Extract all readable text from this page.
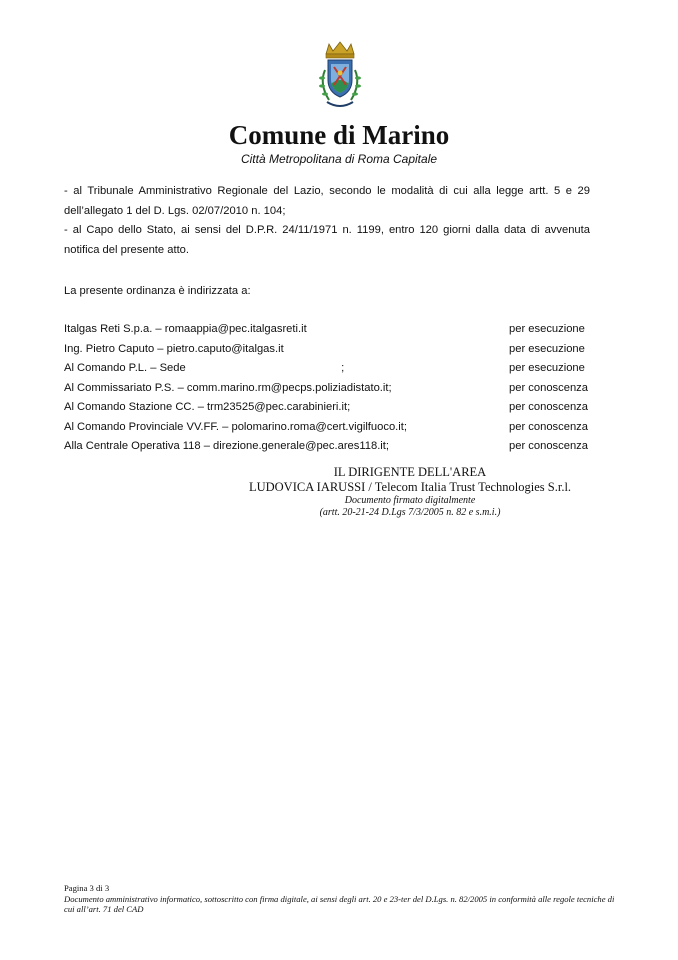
Comune di Marino
Città Metropolitana di Roma Capitale
- al Tribunale Amministrativo Regionale del Lazio, secondo le modalità di cui alla legge artt. 5 e 29 dell’allegato 1 del D. Lgs. 02/07/2010 n. 104;
- al Capo dello Stato, ai sensi del D.P.R. 24/11/1971 n. 1199, entro 120 giorni dalla data di avvenuta notifica del presente atto.
La presente ordinanza è indirizzata a:
Italgas Reti S.p.a. – romaappia@pec.italgasreti.it	per esecuzione
Ing. Pietro Caputo – pietro.caputo@italgas.it	per esecuzione
Al Comando P.L. – Sede                                                  ;	per esecuzione
Al Commissariato P.S. – comm.marino.rm@pecps.poliziadistato.it;	per conoscenza
Al Comando Stazione CC. – trm23525@pec.carabinieri.it;	per conoscenza
Al Comando Provinciale VV.FF. – polomarino.roma@cert.vigilfuoco.it;	per conoscenza
Alla Centrale Operativa 118 – direzione.generale@pec.ares118.it;	per conoscenza
IL DIRIGENTE DELL'AREA
LUDOVICA IARUSSI / Telecom Italia Trust Technologies S.r.l.
Documento firmato digitalmente
(artt. 20-21-24 D.Lgs 7/3/2005 n. 82 e s.m.i.)
Pagina 3 di 3
Documento amministrativo informatico, sottoscritto con firma digitale, ai sensi degli art. 20 e 23-ter del D.Lgs. n. 82/2005 in conformità alle regole tecniche di cui all’art. 71 del CAD
